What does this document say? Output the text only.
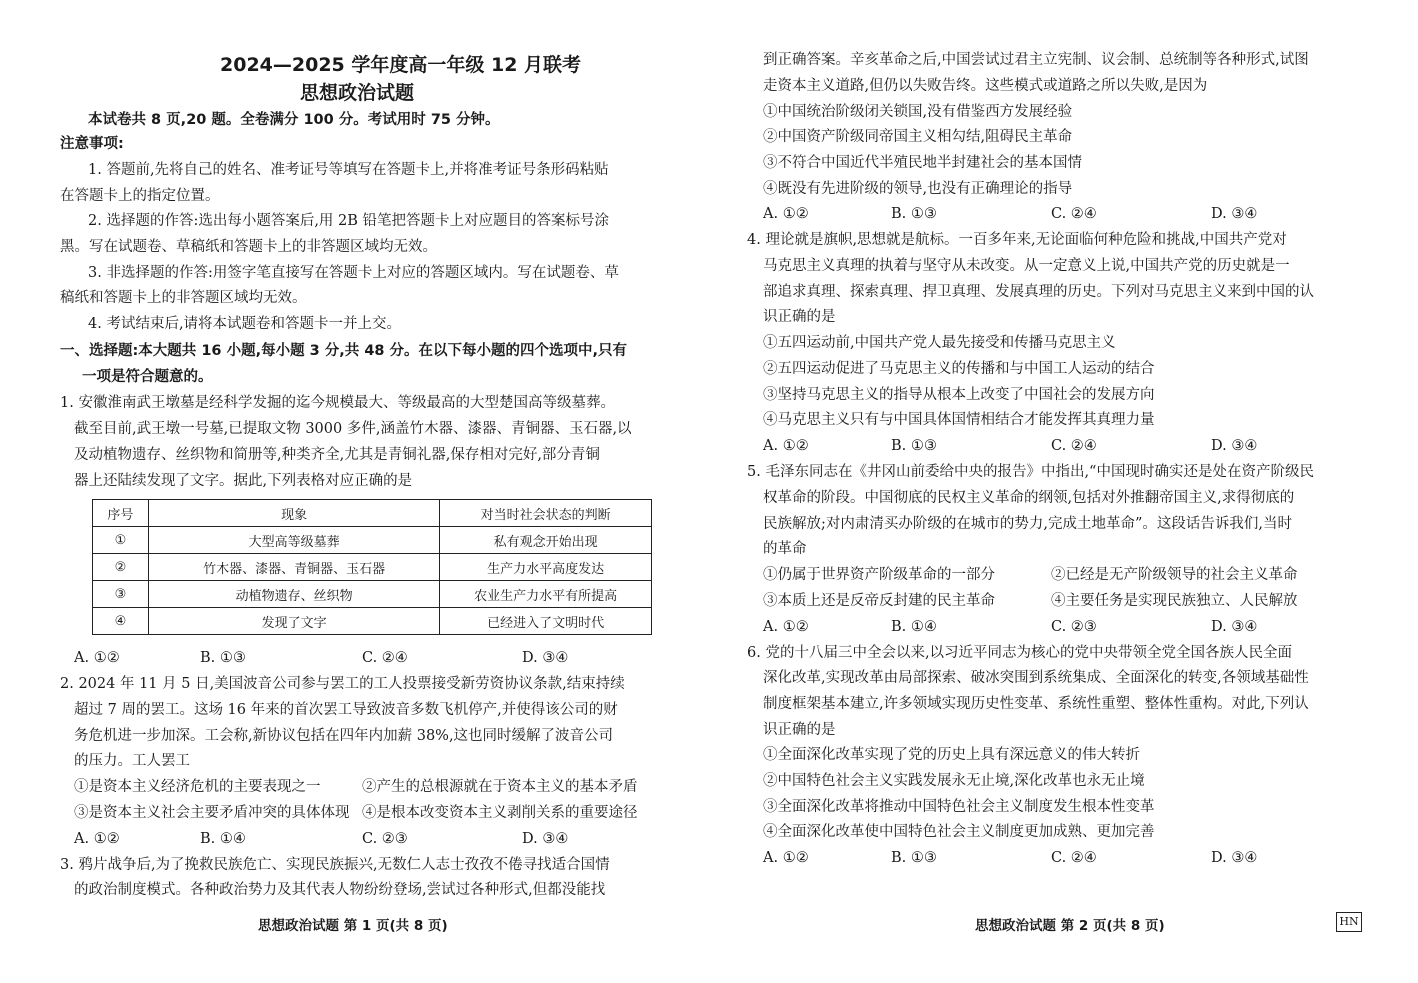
2024—2025 学年度高一年级 12 月联考
思想政治试题
本试卷共 8 页,20 题。全卷满分 100 分。考试用时 75 分钟。
注意事项:
1. 答题前,先将自己的姓名、准考证号等填写在答题卡上,并将准考证号条形码粘贴
在答题卡上的指定位置。
2. 选择题的作答:选出每小题答案后,用 2B 铅笔把答题卡上对应题目的答案标号涂
黑。写在试题卷、草稿纸和答题卡上的非答题区域均无效。
3. 非选择题的作答:用签字笔直接写在答题卡上对应的答题区域内。写在试题卷、草
稿纸和答题卡上的非答题区域均无效。
4. 考试结束后,请将本试题卷和答题卡一并上交。
一、选择题:本大题共 16 小题,每小题 3 分,共 48 分。在以下每小题的四个选项中,只有
一项是符合题意的。
1. 安徽淮南武王墩墓是经科学发掘的迄今规模最大、等级最高的大型楚国高等级墓葬。
截至目前,武王墩一号墓,已提取文物 3000 多件,涵盖竹木器、漆器、青铜器、玉石器,以
及动植物遗存、丝织物和简册等,种类齐全,尤其是青铜礼器,保存相对完好,部分青铜
器上还陆续发现了文字。据此,下列表格对应正确的是
序号	现象	对当时社会状态的判断
①	大型高等级墓葬	私有观念开始出现
②	竹木器、漆器、青铜器、玉石器	生产力水平高度发达
③	动植物遗存、丝织物	农业生产力水平有所提高
④	发现了文字	已经进入了文明时代
A. ①②	B. ①③	C. ②④	D. ③④
2. 2024 年 11 月 5 日,美国波音公司参与罢工的工人投票接受新劳资协议条款,结束持续
超过 7 周的罢工。这场 16 年来的首次罢工导致波音多数飞机停产,并使得该公司的财
务危机进一步加深。工会称,新协议包括在四年内加薪 38%,这也同时缓解了波音公司
的压力。工人罢工
①是资本主义经济危机的主要表现之一	②产生的总根源就在于资本主义的基本矛盾
③是资本主义社会主要矛盾冲突的具体体现 ④是根本改变资本主义剥削关系的重要途径
A. ①②	B. ①④	C. ②③	D. ③④
3. 鸦片战争后,为了挽救民族危亡、实现民族振兴,无数仁人志士孜孜不倦寻找适合国情
的政治制度模式。各种政治势力及其代表人物纷纷登场,尝试过各种形式,但都没能找
思想政治试题 第 1 页(共 8 页)
到正确答案。辛亥革命之后,中国尝试过君主立宪制、议会制、总统制等各种形式,试图
走资本主义道路,但仍以失败告终。这些模式或道路之所以失败,是因为
①中国统治阶级闭关锁国,没有借鉴西方发展经验
②中国资产阶级同帝国主义相勾结,阻碍民主革命
③不符合中国近代半殖民地半封建社会的基本国情
④既没有先进阶级的领导,也没有正确理论的指导
A. ①②	B. ①③	C. ②④	D. ③④
4. 理论就是旗帜,思想就是航标。一百多年来,无论面临何种危险和挑战,中国共产党对
马克思主义真理的执着与坚守从未改变。从一定意义上说,中国共产党的历史就是一
部追求真理、探索真理、捍卫真理、发展真理的历史。下列对马克思主义来到中国的认
识正确的是
①五四运动前,中国共产党人最先接受和传播马克思主义
②五四运动促进了马克思主义的传播和与中国工人运动的结合
③坚持马克思主义的指导从根本上改变了中国社会的发展方向
④马克思主义只有与中国具体国情相结合才能发挥其真理力量
A. ①②	B. ①③	C. ②④	D. ③④
5. 毛泽东同志在《井冈山前委给中央的报告》中指出,“中国现时确实还是处在资产阶级民
权革命的阶段。中国彻底的民权主义革命的纲领,包括对外推翻帝国主义,求得彻底的
民族解放;对内肃清买办阶级的在城市的势力,完成土地革命”。这段话告诉我们,当时
的革命
①仍属于世界资产阶级革命的一部分	②已经是无产阶级领导的社会主义革命
③本质上还是反帝反封建的民主革命	④主要任务是实现民族独立、人民解放
A. ①②	B. ①④	C. ②③	D. ③④
6. 党的十八届三中全会以来,以习近平同志为核心的党中央带领全党全国各族人民全面
深化改革,实现改革由局部探索、破冰突围到系统集成、全面深化的转变,各领域基础性
制度框架基本建立,许多领域实现历史性变革、系统性重塑、整体性重构。对此,下列认
识正确的是
①全面深化改革实现了党的历史上具有深远意义的伟大转折
②中国特色社会主义实践发展永无止境,深化改革也永无止境
③全面深化改革将推动中国特色社会主义制度发生根本性变革
④全面深化改革使中国特色社会主义制度更加成熟、更加完善
A. ①②	B. ①③	C. ②④	D. ③④
思想政治试题 第 2 页(共 8 页)	HN
